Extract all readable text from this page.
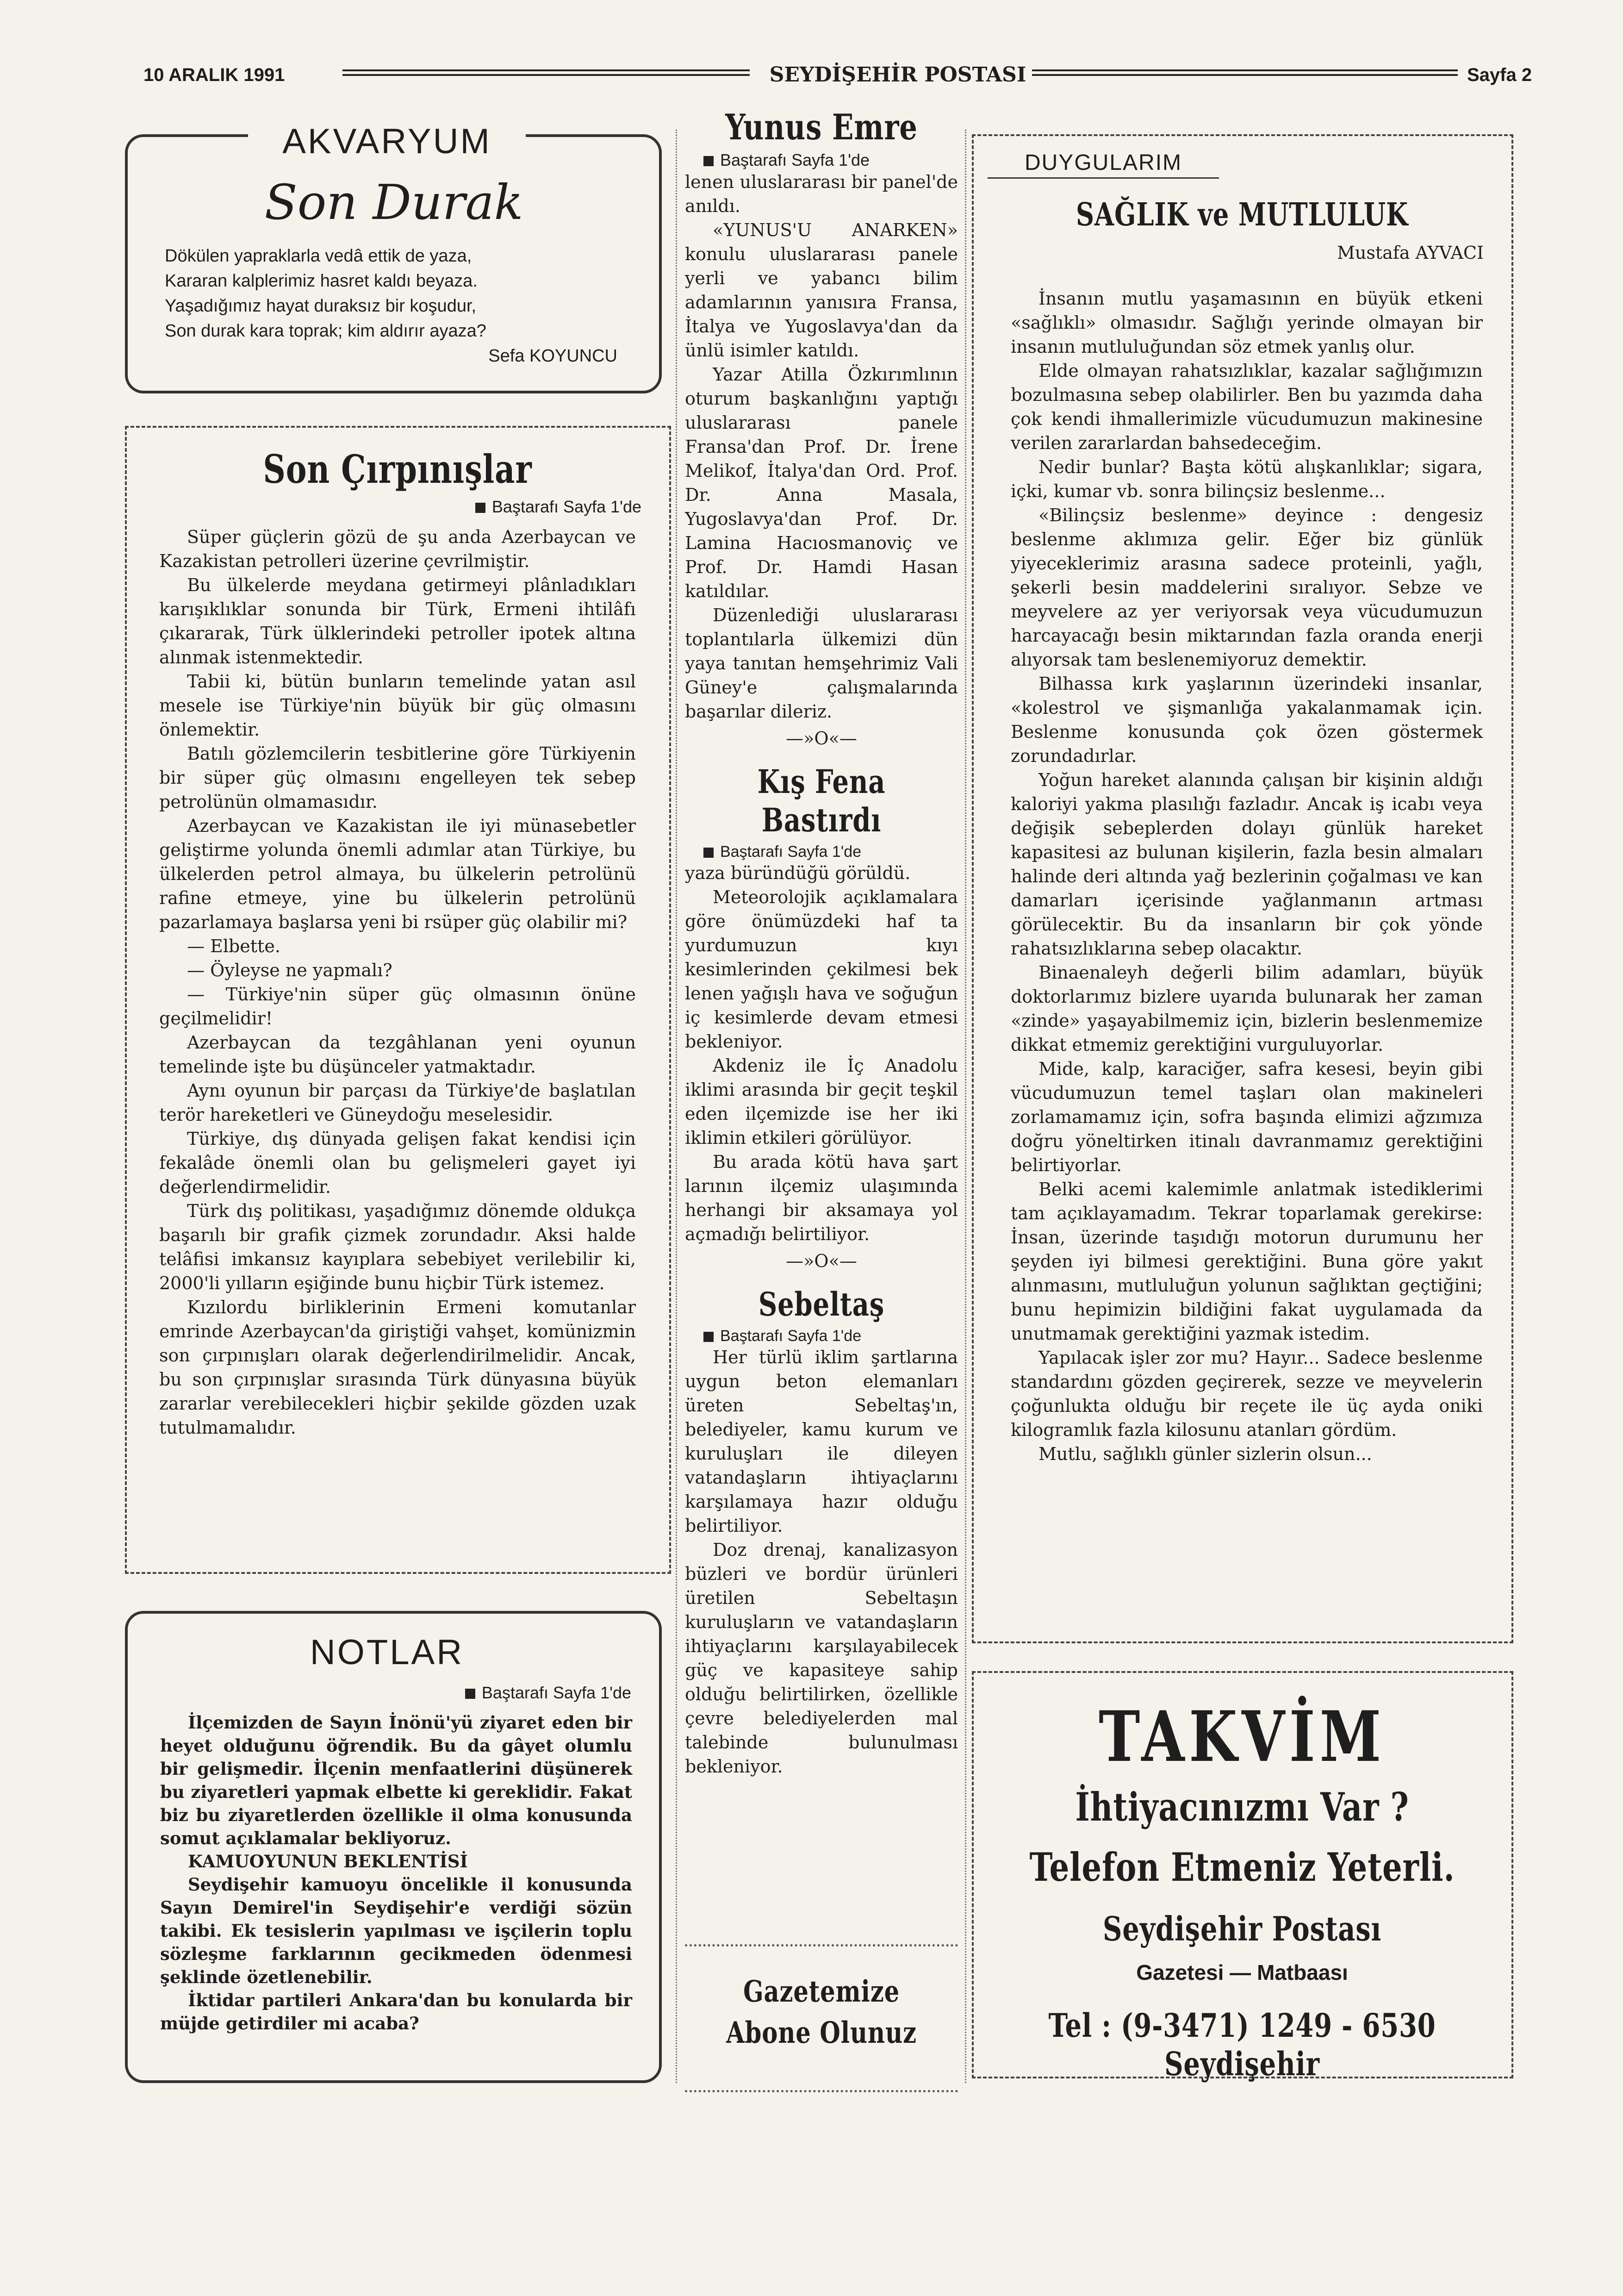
10 ARALIK 1991	SEYDİŞEHİR POSTASI	Sayfa 2
AKVARYUM
Son Durak
Dökülen yapraklarla vedâ ettik de yaza,
Kararan kalplerimiz hasret kaldı beyaza.
Yaşadığımız hayat duraksız bir koşudur,
Son durak kara toprak; kim aldırır ayaza?
Sefa KOYUNCU
Son Çırpınışlar
Baştarafı Sayfa 1'de

Süper güçlerin gözü de şu anda Azerbaycan ve Kazakistan petrolleri üzerine çevrilmiştir.

Bu ülkelerde meydana getirmeyi plânladıkları karışıklıklar sonunda bir Türk, Ermeni ihtilâfı çıkararak, Türk ülklerindeki petroller ipotek altına alınmak istenmektedir.

Tabii ki, bütün bunların temelinde yatan asıl mesele ise Türkiye'nin büyük bir güç olmasını önlemektir.

Batılı gözlemcilerin tesbitlerine göre Türkiyenin bir süper güç olmasını engelleyen tek sebep petrolünün olmamasıdır.

Azerbaycan ve Kazakistan ile iyi münasebetler geliştirme yolunda önemli adımlar atan Türkiye, bu ülkelerden petrol almaya, bu ülkelerin petrolünü rafine etmeye, yine bu ülkelerin petrolünü pazarlamaya başlarsa yeni bi rsüper güç olabilir mi?

— Elbette.

— Öyleyse ne yapmalı?

— Türkiye'nin süper güç olmasının önüne geçilmelidir!

Azerbaycan da tezgâhlanan yeni oyunun temelinde işte bu düşünceler yatmaktadır.

Aynı oyunun bir parçası da Türkiye'de başlatılan terör hareketleri ve Güneydoğu meselesidir.

Türkiye, dış dünyada gelişen fakat kendisi için fekalâde önemli olan bu gelişmeleri gayet iyi değerlendirmelidir.

Türk dış politikası, yaşadığımız dönemde oldukça başarılı bir grafik çizmek zorundadır. Aksi halde telâfisi imkansız kayıplara sebebiyet verilebilir ki, 2000'li yılların eşiğinde bunu hiçbir Türk istemez.

Kızılordu birliklerinin Ermeni komutanlar emrinde Azerbaycan'da giriştiği vahşet, komünizmin son çırpınışları olarak değerlendirilmelidir. Ancak, bu son çırpınışlar sırasında Türk dünyasına büyük zararlar verebilecekleri hiçbir şekilde gözden uzak tutulmamalıdır.

NOTLAR
Baştarafı Sayfa 1'de

İlçemizden de Sayın İnönü'yü ziyaret eden bir heyet olduğunu öğrendik. Bu da gâyet olumlu bir gelişmedir. İlçenin menfaatlerini düşünerek bu ziyaretleri yapmak elbette ki gereklidir. Fakat biz bu ziyaretlerden özellikle il olma konusunda somut açıklamalar bekliyoruz.

KAMUOYUNUN BEKLENTİSİ

Seydişehir kamuoyu öncelikle il konusunda Sayın Demirel'in Seydişehir'e verdiği sözün takibi. Ek tesislerin yapılması ve işçilerin toplu sözleşme farklarının gecikmeden ödenmesi şeklinde özetlenebilir.

İktidar partileri Ankara'dan bu konularda bir müjde getirdiler mi acaba?

Yunus Emre
Baştarafı Sayfa 1'de

lenen uluslararası bir panel'de anıldı.

«YUNUS'U ANARKEN» konulu uluslararası panele yerli ve yabancı bilim adamlarının yanısıra Fransa, İtalya ve Yugoslavya'dan da ünlü isimler katıldı.

Yazar Atilla Özkırımlının oturum başkanlığını yaptığı uluslararası panele Fransa'dan Prof. Dr. İrene Melikof, İtalya'dan Ord. Prof. Dr. Anna Masala, Yugoslavya'dan Prof. Dr. Lamina Hacıosmanoviç ve Prof. Dr. Hamdi Hasan katıldılar.

Düzenlediği uluslararası toplantılarla ülkemizi dün yaya tanıtan hemşehrimiz Vali Güney'e çalışmalarında başarılar dileriz.

—»O«—
Kış Fena Bastırdı
Baştarafı Sayfa 1'de

yaza büründüğü görüldü.

Meteorolojik açıklamalara göre önümüzdeki haf ta yurdumuzun kıyı kesimlerinden çekilmesi bek lenen yağışlı hava ve soğuğun iç kesimlerde devam etmesi bekleniyor.

Akdeniz ile İç Anadolu iklimi arasında bir geçit teşkil eden ilçemizde ise her iki iklimin etkileri görülüyor.

Bu arada kötü hava şart larının ilçemiz ulaşımında herhangi bir aksamaya yol açmadığı belirtiliyor.

—»O«—
Sebeltaş
Baştarafı Sayfa 1'de

Her türlü iklim şartlarına uygun beton elemanları üreten Sebeltaş'ın, belediyeler, kamu kurum ve kuruluşları ile dileyen vatandaşların ihtiyaçlarını karşılamaya hazır olduğu belirtiliyor.

Doz drenaj, kanalizasyon büzleri ve bordür ürünleri üretilen Sebeltaşın kuruluşların ve vatandaşların ihtiyaçlarını karşılayabilecek güç ve kapasiteye sahip olduğu belirtilirken, özellikle çevre belediyelerden mal talebinde bulunulması bekleniyor.

Gazetemize
Abone Olunuz
DUYGULARIM
SAĞLIK ve MUTLULUK
Mustafa AYVACI

İnsanın mutlu yaşamasının en büyük etkeni «sağlıklı» olmasıdır. Sağlığı yerinde olmayan bir insanın mutluluğundan söz etmek yanlış olur.

Elde olmayan rahatsızlıklar, kazalar sağlığımızın bozulmasına sebep olabilirler. Ben bu yazımda daha çok kendi ihmallerimizle vücudumuzun makinesine verilen zararlardan bahsedeceğim.

Nedir bunlar? Başta kötü alışkanlıklar; sigara, içki, kumar vb. sonra bilinçsiz beslenme...

«Bilinçsiz beslenme» deyince : dengesiz beslenme aklımıza gelir. Eğer biz günlük yiyeceklerimiz arasına sadece proteinli, yağlı, şekerli besin maddelerini sıralıyor. Sebze ve meyvelere az yer veriyorsak veya vücudumuzun harcayacağı besin miktarından fazla oranda enerji alıyorsak tam beslenemiyoruz demektir.

Bilhassa kırk yaşlarının üzerindeki insanlar, «kolestrol ve şişmanlığa yakalanmamak için. Beslenme konusunda çok özen göstermek zorundadırlar.

Yoğun hareket alanında çalışan bir kişinin aldığı kaloriyi yakma plasılığı fazladır. Ancak iş icabı veya değişik sebeplerden dolayı günlük hareket kapasitesi az bulunan kişilerin, fazla besin almaları halinde deri altında yağ bezlerinin çoğalması ve kan damarları içerisinde yağlanmanın artması görülecektir. Bu da insanların bir çok yönde rahatsızlıklarına sebep olacaktır.

Binaenaleyh değerli bilim adamları, büyük doktorlarımız bizlere uyarıda bulunarak her zaman «zinde» yaşayabilmemiz için, bizlerin beslenmemize dikkat etmemiz gerektiğini vurguluyorlar.

Mide, kalp, karaciğer, safra kesesi, beyin gibi vücudumuzun temel taşları olan makineleri zorlamamamız için, sofra başında elimizi ağzımıza doğru yöneltirken itinalı davranmamız gerektiğini belirtiyorlar.

Belki acemi kalemimle anlatmak istediklerimi tam açıklayamadım. Tekrar toparlamak gerekirse: İnsan, üzerinde taşıdığı motorun durumunu her şeyden iyi bilmesi gerektiğini. Buna göre yakıt alınmasını, mutluluğun yolunun sağlıktan geçtiğini; bunu hepimizin bildiğini fakat uygulamada da unutmamak gerektiğini yazmak istedim.

Yapılacak işler zor mu? Hayır... Sadece beslenme standardını gözden geçirerek, sezze ve meyvelerin çoğunlukta olduğu bir reçete ile üç ayda oniki kilogramlık fazla kilosunu atanları gördüm.

Mutlu, sağlıklı günler sizlerin olsun...

TAKVİM
İhtiyacınızmı Var ?
Telefon Etmeniz Yeterli.
Seydişehir Postası
Gazetesi — Matbaası
Tel : (9-3471) 1249 - 6530 Seydişehir
